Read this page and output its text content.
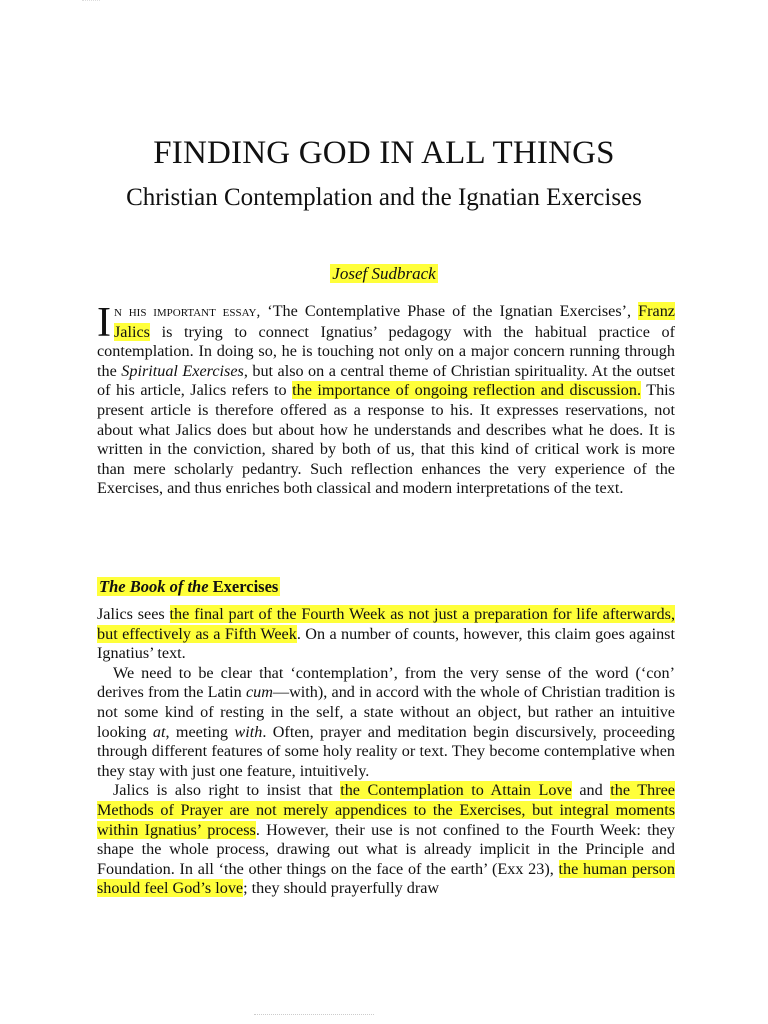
FINDING GOD IN ALL THINGS
Christian Contemplation and the Ignatian Exercises
Josef Sudbrack

In his important essay, ‘The Contemplative Phase of the Ignatian Exercises’, Franz Jalics is trying to connect Ignatius’ pedagogy with the habitual practice of contemplation. In doing so, he is touching not only on a major concern running through the Spiritual Exercises, but also on a central theme of Christian spirituality. At the outset of his article, Jalics refers to the importance of ongoing reflection and discussion. This present article is therefore offered as a response to his. It expresses reservations, not about what Jalics does but about how he understands and describes what he does. It is written in the conviction, shared by both of us, that this kind of critical work is more than mere scholarly pedantry. Such reflection enhances the very experience of the Exercises, and thus enriches both classical and modern interpretations of the text.

The Book of the Exercises

Jalics sees the final part of the Fourth Week as not just a preparation for life afterwards, but effectively as a Fifth Week. On a number of counts, however, this claim goes against Ignatius’ text.

We need to be clear that ‘contemplation’, from the very sense of the word (‘con’ derives from the Latin cum—with), and in accord with the whole of Christian tradition is not some kind of resting in the self, a state without an object, but rather an intuitive looking at, meeting with. Often, prayer and meditation begin discursively, proceeding through different features of some holy reality or text. They become contemplative when they stay with just one feature, intuitively.

Jalics is also right to insist that the Contemplation to Attain Love and the Three Methods of Prayer are not merely appendices to the Exercises, but integral moments within Ignatius’ process. However, their use is not confined to the Fourth Week: they shape the whole process, drawing out what is already implicit in the Principle and Foundation. In all ‘the other things on the face of the earth’ (Exx 23), the human person should feel God’s love; they should prayerfully draw
